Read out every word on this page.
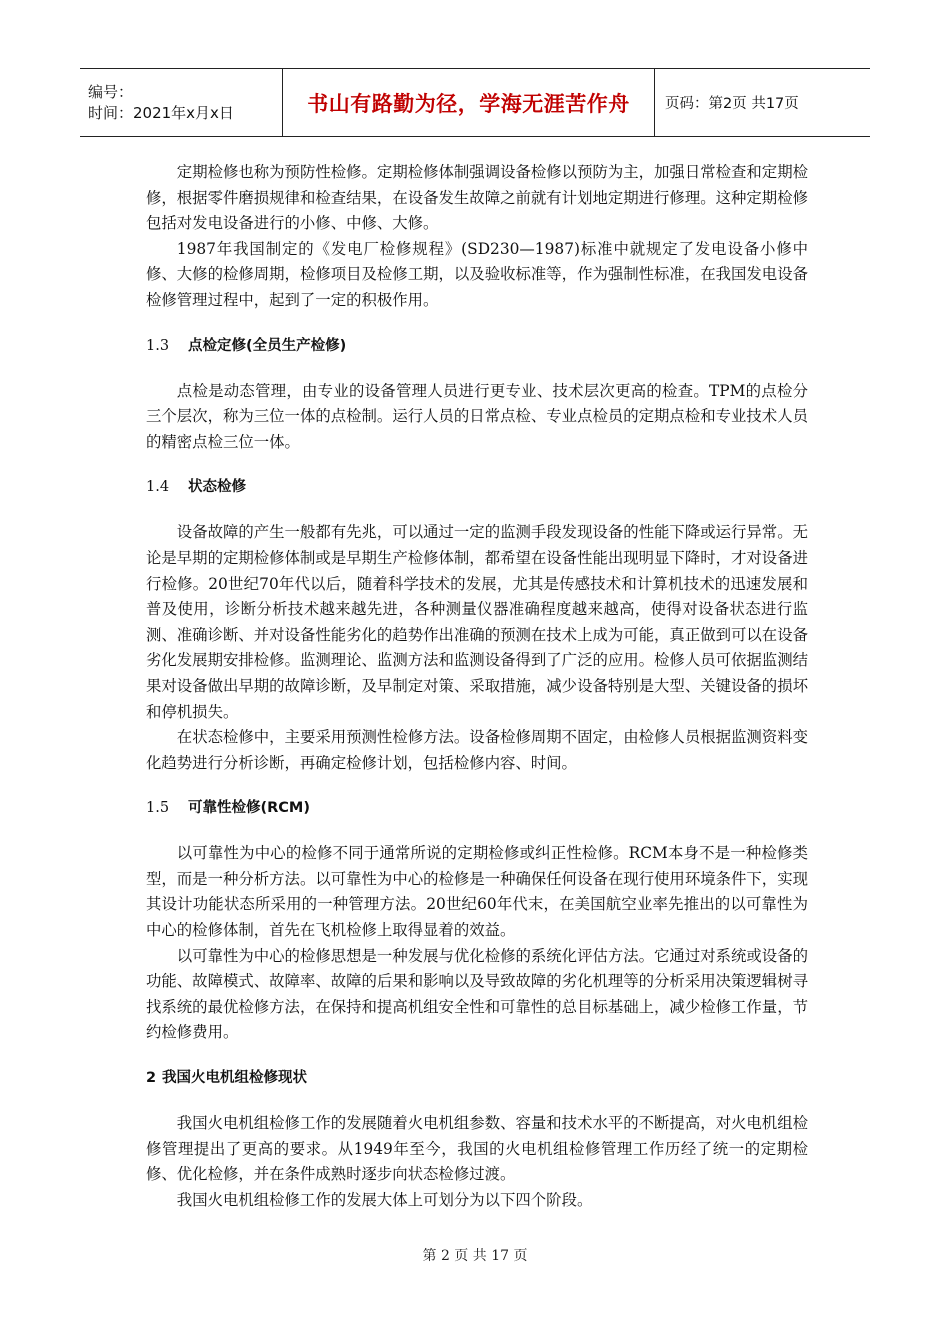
编号：
时间：2021年x月x日	书山有路勤为径，学海无涯苦作舟	页码：第2页 共17页

定期检修也称为预防性检修。定期检修体制强调设备检修以预防为主，加强日常检查和定期检修，根据零件磨损规律和检查结果，在设备发生故障之前就有计划地定期进行修理。这种定期检修包括对发电设备进行的小修、中修、大修。

1987年我国制定的《发电厂检修规程》(SD230—1987)标准中就规定了发电设备小修中修、大修的检修周期，检修项目及检修工期，以及验收标准等，作为强制性标准，在我国发电设备检修管理过程中，起到了一定的积极作用。

1.3 点检定修(全员生产检修)

点检是动态管理，由专业的设备管理人员进行更专业、技术层次更高的检查。TPM的点检分三个层次，称为三位一体的点检制。运行人员的日常点检、专业点检员的定期点检和专业技术人员的精密点检三位一体。

1.4 状态检修

设备故障的产生一般都有先兆，可以通过一定的监测手段发现设备的性能下降或运行异常。无论是早期的定期检修体制或是早期生产检修体制，都希望在设备性能出现明显下降时，才对设备进行检修。20世纪70年代以后，随着科学技术的发展，尤其是传感技术和计算机技术的迅速发展和普及使用，诊断分析技术越来越先进，各种测量仪器准确程度越来越高，使得对设备状态进行监测、准确诊断、并对设备性能劣化的趋势作出准确的预测在技术上成为可能，真正做到可以在设备劣化发展期安排检修。监测理论、监测方法和监测设备得到了广泛的应用。检修人员可依据监测结果对设备做出早期的故障诊断，及早制定对策、采取措施，减少设备特别是大型、关键设备的损坏和停机损失。

在状态检修中，主要采用预测性检修方法。设备检修周期不固定，由检修人员根据监测资料变化趋势进行分析诊断，再确定检修计划，包括检修内容、时间。

1.5 可靠性检修(RCM)

以可靠性为中心的检修不同于通常所说的定期检修或纠正性检修。RCM本身不是一种检修类型，而是一种分析方法。以可靠性为中心的检修是一种确保任何设备在现行使用环境条件下，实现其设计功能状态所采用的一种管理方法。20世纪60年代末，在美国航空业率先推出的以可靠性为中心的检修体制，首先在飞机检修上取得显着的效益。

以可靠性为中心的检修思想是一种发展与优化检修的系统化评估方法。它通过对系统或设备的功能、故障模式、故障率、故障的后果和影响以及导致故障的劣化机理等的分析采用决策逻辑树寻找系统的最优检修方法，在保持和提高机组安全性和可靠性的总目标基础上，减少检修工作量，节约检修费用。

2 我国火电机组检修现状

我国火电机组检修工作的发展随着火电机组参数、容量和技术水平的不断提高，对火电机组检修管理提出了更高的要求。从1949年至今，我国的火电机组检修管理工作历经了统一的定期检修、优化检修，并在条件成熟时逐步向状态检修过渡。

我国火电机组检修工作的发展大体上可划分为以下四个阶段。

第 2 页 共 17 页
